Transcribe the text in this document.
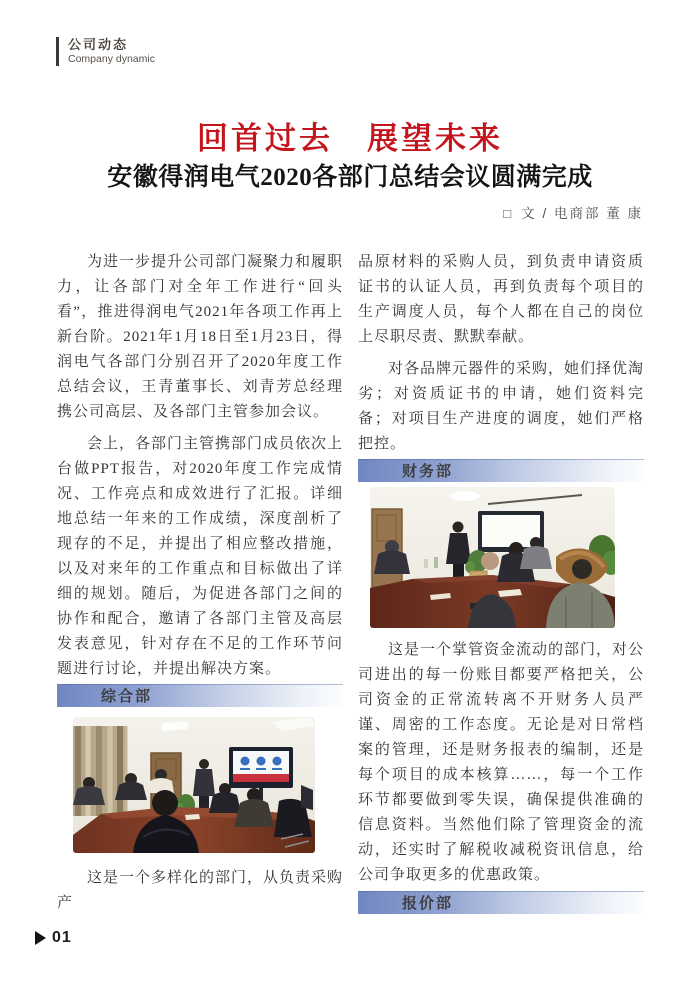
公司动态
Company dynamic
回首过去　展望未来
安徽得润电气2020各部门总结会议圆满完成
□ 文 / 电商部 董 康

为进一步提升公司部门凝聚力和履职力，让各部门对全年工作进行“回头看”，推进得润电气2021年各项工作再上新台阶。2021年1月18日至1月23日，得润电气各部门分别召开了2020年度工作总结会议，王青董事长、刘青芳总经理携公司高层、及各部门主管参加会议。

会上，各部门主管携部门成员依次上台做PPT报告，对2020年度工作完成情况、工作亮点和成效进行了汇报。详细地总结一年来的工作成绩，深度剖析了现存的不足，并提出了相应整改措施，以及对来年的工作重点和目标做出了详细的规划。随后，为促进各部门之间的协作和配合，邀请了各部门主管及高层发表意见，针对存在不足的工作环节问题进行讨论，并提出解决方案。

综合部

这是一个多样化的部门，从负责采购产

品原材料的采购人员，到负责申请资质证书的认证人员，再到负责每个项目的生产调度人员，每个人都在自己的岗位上尽职尽责、默默奉献。

对各品牌元器件的采购，她们择优淘劣；对资质证书的申请，她们资料完备；对项目生产进度的调度，她们严格把控。

财务部

这是一个掌管资金流动的部门，对公司进出的每一份账目都要严格把关，公司资金的正常流转离不开财务人员严谨、周密的工作态度。无论是对日常档案的管理，还是财务报表的编制，还是每个项目的成本核算……，每一个工作环节都要做到零失误，确保提供准确的信息资料。当然他们除了管理资金的流动，还实时了解税收减税资讯信息，给公司争取更多的优惠政策。

报价部
01
